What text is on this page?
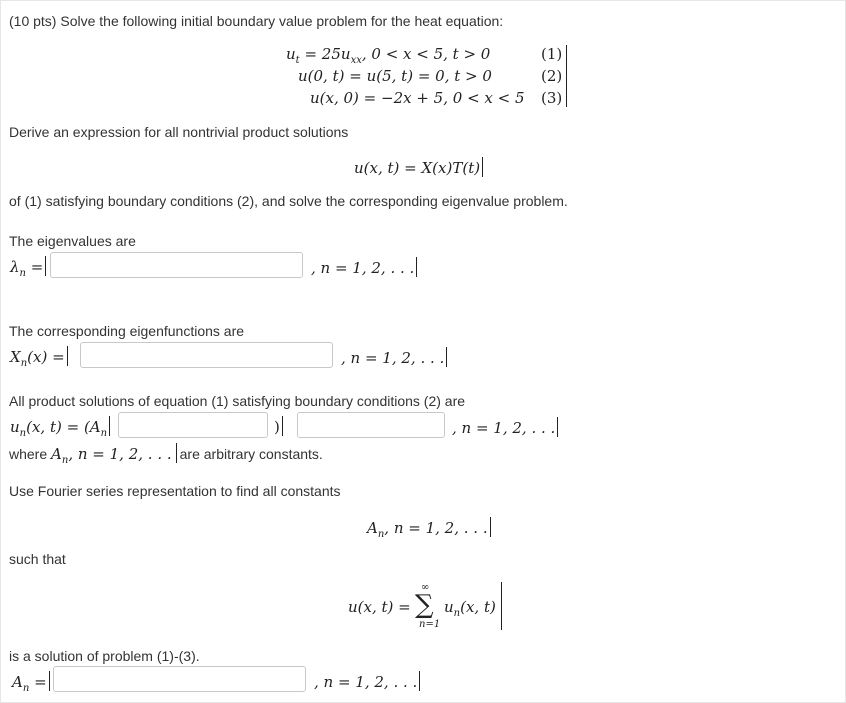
(10 pts) Solve the following initial boundary value problem for the heat equation:
$u_t = 25u_{xx}$, 0 < x < 5, t > 0	(1)
u(0, t) = u(5, t) = 0, t > 0	(2)
u(x, 0) = −2x + 5, 0 < x < 5 (3)
Derive an expression for all nontrivial product solutions
u(x, t) = X(x)T(t)
of (1) satisfying boundary conditions (2), and solve the corresponding eigenvalue problem.
The eigenvalues are
$\lambda_n$ =	, n = 1, 2, . . .
The corresponding eigenfunctions are
$X_n(x)$ =	, n = 1, 2, . . .
All product solutions of equation (1) satisfying boundary conditions (2) are
$u_n(x$, $t) = (A_n$	)	, n = 1, 2, . . .
where $A_n$, n = 1, 2, . . . are arbitrary constants.
Use Fourier series representation to find all constants
$A_n$, n = 1, 2, . . .
such that
u(x, t) =
∞
∑
n=1
$u_n(x$, t)
is a solution of problem (1)-(3).
$A_n$ =	, n = 1, 2, . . .
